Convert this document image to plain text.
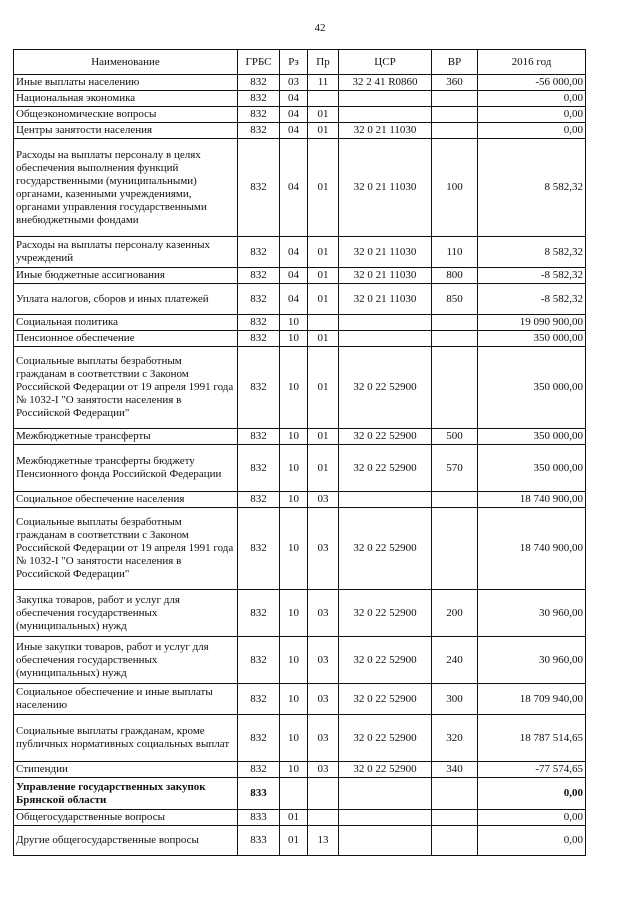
42
Наименование	ГРБС	Рз	Пр	ЦСР	ВР	2016 год
Иные выплаты населению	832	03	11	32 2 41 R0860	360	-56 000,00
Национальная экономика	832	04				0,00
Общеэкономические вопросы	832	04	01			0,00
Центры занятости населения	832	04	01	32 0 21 11030		0,00
Расходы на выплаты персоналу в целях обеспечения выполнения функций государственными (муниципальными) органами, казенными учреждениями, органами управления государственными внебюджетными фондами	832	04	01	32 0 21 11030	100	8 582,32
Расходы на выплаты персоналу казенных учреждений	832	04	01	32 0 21 11030	110	8 582,32
Иные бюджетные ассигнования	832	04	01	32 0 21 11030	800	-8 582,32
Уплата налогов, сборов и иных платежей	832	04	01	32 0 21 11030	850	-8 582,32
Социальная политика	832	10				19 090 900,00
Пенсионное обеспечение	832	10	01			350 000,00
Социальные выплаты безработным гражданам в соответствии с Законом Российской Федерации от 19 апреля 1991 года № 1032-I "О занятости населения в Российской Федерации"	832	10	01	32 0 22 52900		350 000,00
Межбюджетные трансферты	832	10	01	32 0 22 52900	500	350 000,00
Межбюджетные трансферты бюджету Пенсионного фонда Российской Федерации	832	10	01	32 0 22 52900	570	350 000,00
Социальное обеспечение населения	832	10	03			18 740 900,00
Социальные выплаты безработным гражданам в соответствии с Законом Российской Федерации от 19 апреля 1991 года № 1032-I "О занятости населения в Российской Федерации"	832	10	03	32 0 22 52900		18 740 900,00
Закупка товаров, работ и услуг для обеспечения государственных (муниципальных) нужд	832	10	03	32 0 22 52900	200	30 960,00
Иные закупки товаров, работ и услуг для обеспечения государственных (муниципальных) нужд	832	10	03	32 0 22 52900	240	30 960,00
Социальное обеспечение и иные выплаты населению	832	10	03	32 0 22 52900	300	18 709 940,00
Социальные выплаты гражданам, кроме публичных нормативных социальных выплат	832	10	03	32 0 22 52900	320	18 787 514,65
Стипендии	832	10	03	32 0 22 52900	340	-77 574,65
Управление государственных закупок Брянской области	833					0,00
Общегосударственные вопросы	833	01				0,00
Другие общегосударственные вопросы	833	01	13			0,00
